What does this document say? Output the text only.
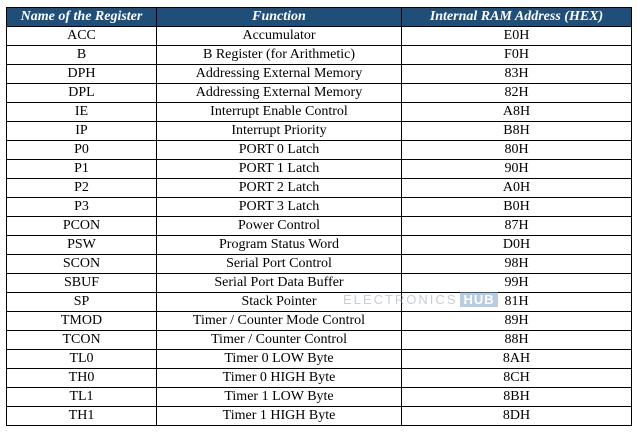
Name of the Register	Function	Internal RAM Address (HEX)
ACC	Accumulator	E0H
B	B Register (for Arithmetic)	F0H
DPH	Addressing External Memory	83H
DPL	Addressing External Memory	82H
IE	Interrupt Enable Control	A8H
IP	Interrupt Priority	B8H
P0	PORT 0 Latch	80H
P1	PORT 1 Latch	90H
P2	PORT 2 Latch	A0H
P3	PORT 3 Latch	B0H
PCON	Power Control	87H
PSW	Program Status Word	D0H
SCON	Serial Port Control	98H
SBUF	Serial Port Data Buffer	99H
SP	Stack Pointer	81H
TMOD	Timer / Counter Mode Control	89H
TCON	Timer / Counter Control	88H
TL0	Timer 0 LOW Byte	8AH
TH0	Timer 0 HIGH Byte	8CH
TL1	Timer 1 LOW Byte	8BH
TH1	Timer 1 HIGH Byte	8DH
ELECTRONICS HUB
